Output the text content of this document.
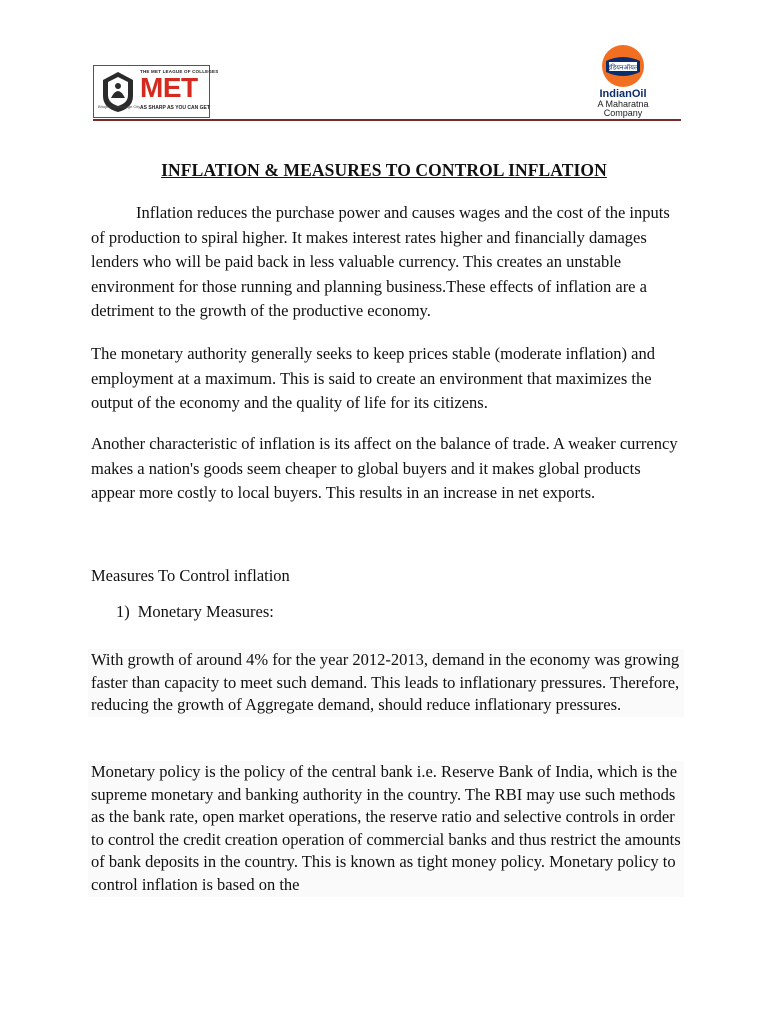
THE MET LEAGUE OF COLLEGES
MET
Bhujbal Knowledge City AS SHARP AS YOU CAN GET
इंडियनऑयल
IndianOil
A Maharatna
Company
INFLATION & MEASURES TO CONTROL INFLATION

Inflation reduces the purchase power and causes wages and the cost of the inputs of production to spiral higher. It makes interest rates higher and financially damages lenders who will be paid back in less valuable currency. This creates an unstable environment for those running and planning business.These effects of inflation are a detriment to the growth of the productive economy.

The monetary authority generally seeks to keep prices stable (moderate inflation) and employment at a maximum. This is said to create an environment that maximizes the output of the economy and the quality of life for its citizens.

Another characteristic of inflation is its affect on the balance of trade. A weaker currency makes a nation's goods seem cheaper to global buyers and it makes global products appear more costly to local buyers. This results in an increase in net exports.

Measures To Control inflation
1) Monetary Measures:

With growth of around 4% for the year 2012-2013, demand in the economy was growing faster than capacity to meet such demand. This leads to inflationary pressures. Therefore, reducing the growth of Aggregate demand, should reduce inflationary pressures.

Monetary policy is the policy of the central bank i.e. Reserve Bank of India, which is the supreme monetary and banking authority in the country. The RBI may use such methods as the bank rate, open market operations, the reserve ratio and selective controls in order to control the credit creation operation of commercial banks and thus restrict the amounts of bank deposits in the country. This is known as tight money policy. Monetary policy to control inflation is based on the
